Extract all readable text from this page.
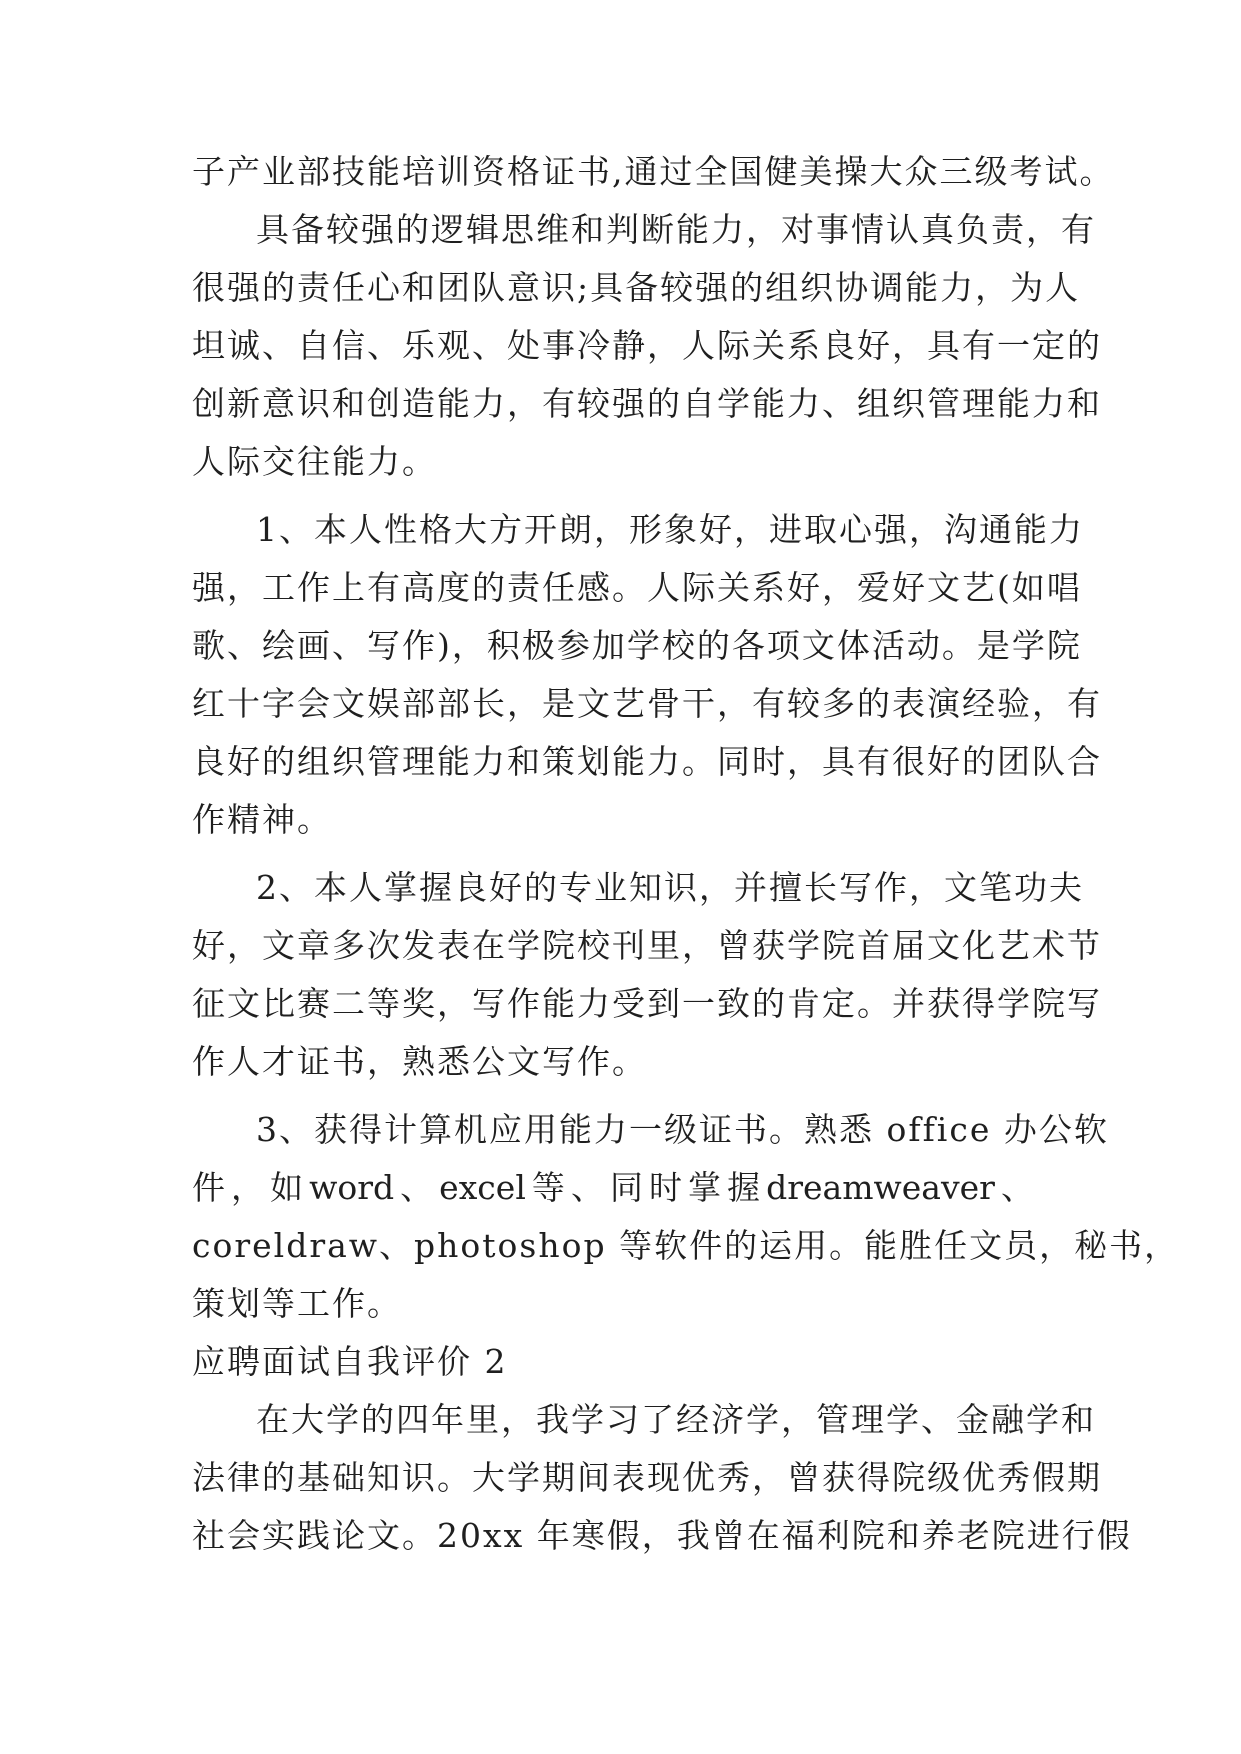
子产业部技能培训资格证书,通过全国健美操大众三级考试。
具备较强的逻辑思维和判断能力，对事情认真负责，有
很强的责任心和团队意识;具备较强的组织协调能力，为人
坦诚、自信、乐观、处事冷静，人际关系良好，具有一定的
创新意识和创造能力，有较强的自学能力、组织管理能力和
人际交往能力。
1、本人性格大方开朗，形象好，进取心强，沟通能力
强，工作上有高度的责任感。人际关系好，爱好文艺(如唱
歌、绘画、写作)，积极参加学校的各项文体活动。是学院
红十字会文娱部部长，是文艺骨干，有较多的表演经验，有
良好的组织管理能力和策划能力。同时，具有很好的团队合
作精神。
2、本人掌握良好的专业知识，并擅长写作，文笔功夫
好，文章多次发表在学院校刊里，曾获学院首届文化艺术节
征文比赛二等奖，写作能力受到一致的肯定。并获得学院写
作人才证书，熟悉公文写作。
3、获得计算机应用能力一级证书。熟悉 office 办公软
件 ， 如 word 、 excel 等 、 同 时 掌 握 dreamweaver 、
coreldraw、photoshop 等软件的运用。能胜任文员，秘书，
策划等工作。
应聘面试自我评价 2
在大学的四年里，我学习了经济学，管理学、金融学和
法律的基础知识。大学期间表现优秀，曾获得院级优秀假期
社会实践论文。20xx 年寒假，我曾在福利院和养老院进行假
